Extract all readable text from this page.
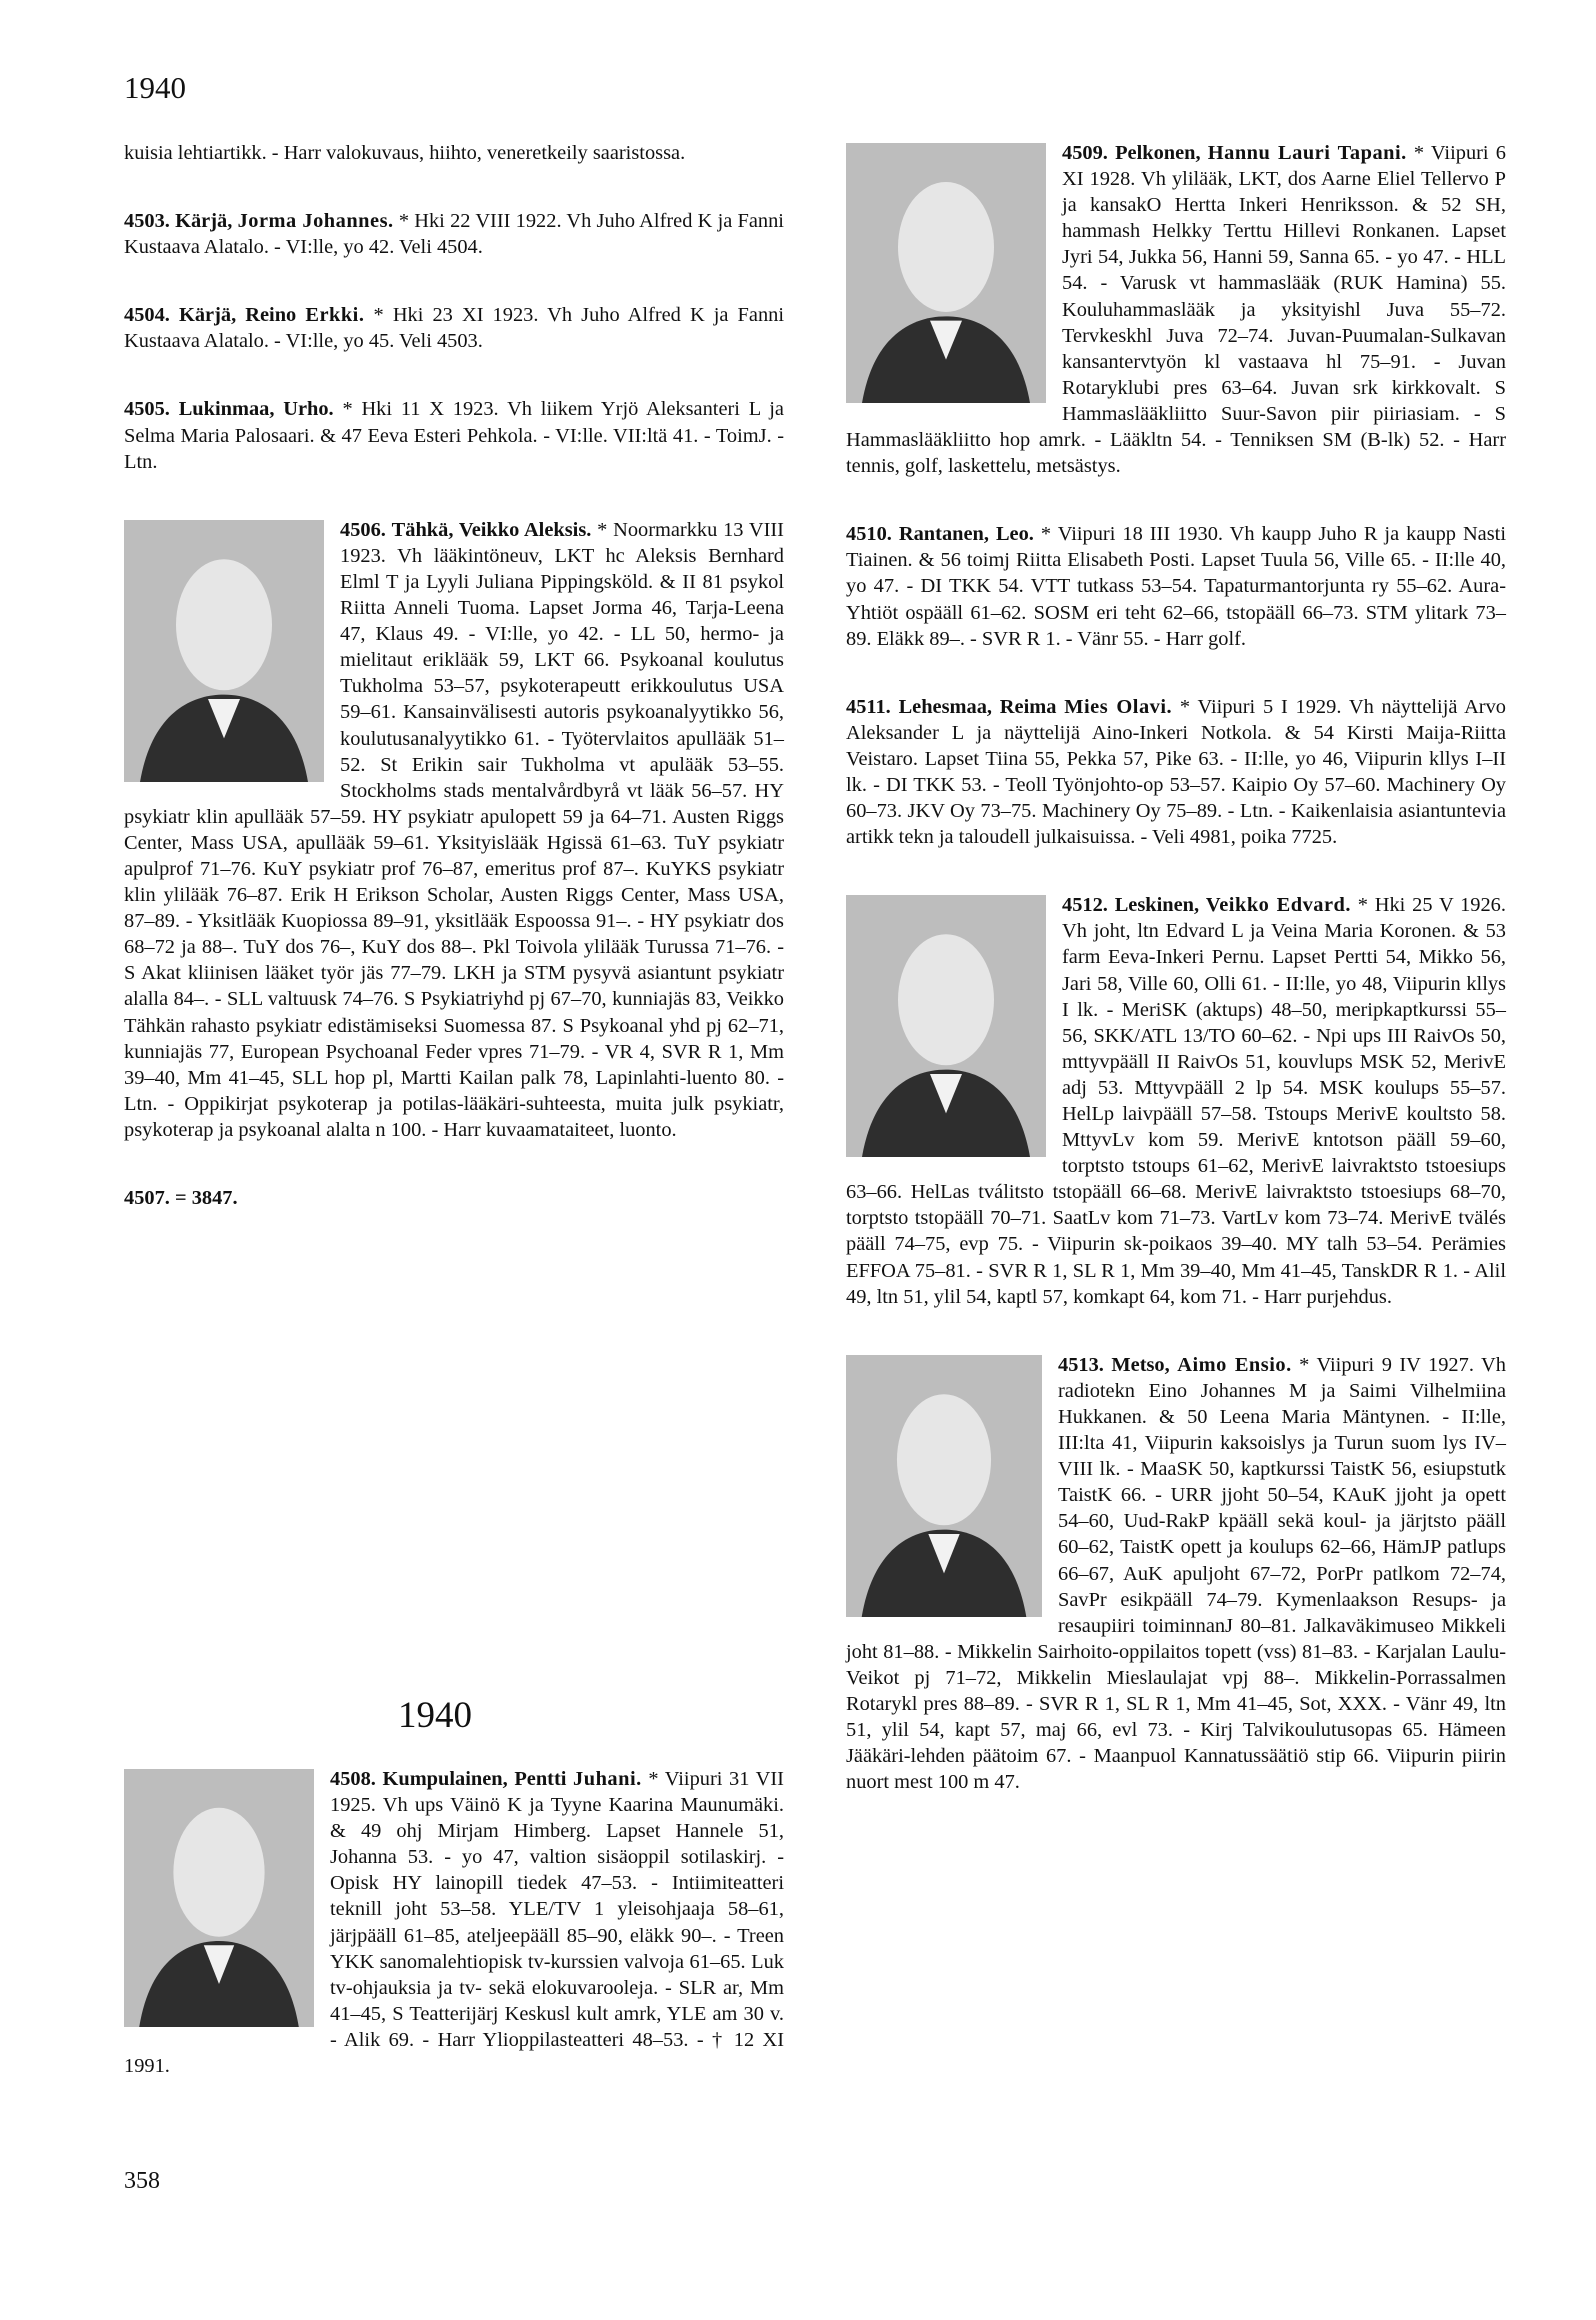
1940

kuisia lehtiartikk. - Harr valokuvaus, hiihto, veneretkeily saaristossa.

4503. Kärjä, Jorma Johannes. * Hki 22 VIII 1922. Vh Juho Alfred K ja Fanni Kustaava Alatalo. - VI:lle, yo 42. Veli 4504.

4504. Kärjä, Reino Erkki. * Hki 23 XI 1923. Vh Juho Alfred K ja Fanni Kustaava Alatalo. - VI:lle, yo 45. Veli 4503.

4505. Lukinmaa, Urho. * Hki 11 X 1923. Vh liikem Yrjö Aleksanteri L ja Selma Maria Palosaari. & 47 Eeva Esteri Pehkola. - VI:lle. VII:ltä 41. - ToimJ. - Ltn.

4506. Tähkä, Veikko Aleksis.
* Noormarkku 13 VIII 1923. Vh lääkintöneuv, LKT hc Aleksis Bernhard Elml T ja Lyyli Juliana Pippingsköld. & II 81 psykol Riitta Anneli Tuoma. Lapset Jorma 46, Tarja-Leena 47, Klaus 49. - VI:lle, yo 42. - LL 50, hermo- ja mielitaut eriklääk 59, LKT 66. Psykoanal koulutus Tukholma 53–57, psykoterapeutt erikkoulutus USA 59–61. Kansainvälisesti autoris psykoanalyytikko 56, koulutusanalyytikko 61. - Työtervlaitos apullääk 51–52. St Erikin sair Tukholma vt apulääk 53–55. Stockholms stads mentalvårdbyrå vt lääk 56–57. HY psykiatr klin apullääk 57–59. HY psykiatr apulopett 59 ja 64–71. Austen Riggs Center, Mass USA, apullääk 59–61. Yksityislääk Hgissä 61–63. TuY psykiatr apulprof 71–76. KuY psykiatr prof 76–87, emeritus prof 87–. KuYKS psykiatr klin ylilääk 76–87. Erik H Erikson Scholar, Austen Riggs Center, Mass USA, 87–89. - Yksitlääk Kuopiossa 89–91, yksitlääk Espoossa 91–. - HY psykiatr dos 68–72 ja 88–. TuY dos 76–, KuY dos 88–. Pkl Toivola ylilääk Turussa 71–76. - S Akat kliinisen lääket työr jäs 77–79. LKH ja STM pysyvä asiantunt psykiatr alalla 84–. - SLL valtuusk 74–76. S Psykiatriyhd pj 67–70, kunniajäs 83, Veikko Tähkän rahasto psykiatr edistämiseksi Suomessa 87. S Psykoanal yhd pj 62–71, kunniajäs 77, European Psychoanal Feder vpres 71–79. - VR 4, SVR R 1, Mm 39–40, Mm 41–45, SLL hop pl, Martti Kailan palk 78, Lapinlahti-luento 80. - Ltn. - Oppikirjat psykoterap ja potilas-lääkäri-suhteesta, muita julk psykiatr, psykoterap ja psykoanal alalta n 100. - Harr kuvaamataiteet, luonto.

4507. = 3847.

1940

4508. Kumpulainen, Pentti Juhani.
* Viipuri 31 VII 1925. Vh ups Väinö K ja Tyyne Kaarina Maunumäki. & 49 ohj Mirjam Himberg. Lapset Hannele 51, Johanna 53. - yo 47, valtion sisäoppil sotilaskirj. - Opisk HY lainopill tiedek 47–53. - Intiimiteatteri teknill joht 53–58. YLE/TV 1 yleisohjaaja 58–61, järjpääll 61–85, ateljeepääll 85–90, eläkk 90–. - Treen YKK sanomalehtiopisk tv-kurssien valvoja 61–65. Luk tv-ohjauksia ja tv- sekä elokuvarooleja. - SLR ar, Mm 41–45, S Teatterijärj Keskusl kult amrk, YLE am 30 v. - Alik 69. - Harr Ylioppilasteatteri 48–53. - † 12 XI 1991.

4509. Pelkonen, Hannu Lauri Tapani.
* Viipuri 6 XI 1928. Vh ylilääk, LKT, dos Aarne Eliel Tellervo P ja kansakO Hertta Inkeri Henriksson. & 52 SH, hammash Helkky Terttu Hillevi Ronkanen. Lapset Jyri 54, Jukka 56, Hanni 59, Sanna 65. - yo 47. - HLL 54. - Varusk vt hammaslääk (RUK Hamina) 55. Kouluhammaslääk ja yksityishl Juva 55–72. Tervkeskhl Juva 72–74. Juvan-Puumalan-Sulkavan kansantervtyön kl vastaava hl 75–91. - Juvan Rotaryklubi pres 63–64. Juvan srk kirkkovalt. S Hammaslääkliitto Suur-Savon piir piiriasiam. - S Hammaslääkliitto hop amrk. - Lääkltn 54. - Tenniksen SM (B-lk) 52. - Harr tennis, golf, laskettelu, metsästys.

4510. Rantanen, Leo. * Viipuri 18 III 1930. Vh kaupp Juho R ja kaupp Nasti Tiainen. & 56 toimj Riitta Elisabeth Posti. Lapset Tuula 56, Ville 65. - II:lle 40, yo 47. - DI TKK 54. VTT tutkass 53–54. Tapaturmantorjunta ry 55–62. Aura-Yhtiöt ospääll 61–62. SOSM eri teht 62–66, tstopääll 66–73. STM ylitark 73–89. Eläkk 89–. - SVR R 1. - Vänr 55. - Harr golf.

4511. Lehesmaa, Reima Mies Olavi. * Viipuri 5 I 1929. Vh näyttelijä Arvo Aleksander L ja näyttelijä Aino-Inkeri Notkola. & 54 Kirsti Maija-Riitta Veistaro. Lapset Tiina 55, Pekka 57, Pike 63. - II:lle, yo 46, Viipurin kllys I–II lk. - DI TKK 53. - Teoll Työnjohto-op 53–57. Kaipio Oy 57–60. Machinery Oy 60–73. JKV Oy 73–75. Machinery Oy 75–89. - Ltn. - Kaikenlaisia asiantuntevia artikk tekn ja taloudell julkaisuissa. - Veli 4981, poika 7725.

4512. Leskinen, Veikko Edvard.
* Hki 25 V 1926. Vh joht, ltn Edvard L ja Veina Maria Koronen. & 53 farm Eeva-Inkeri Pernu. Lapset Pertti 54, Mikko 56, Jari 58, Ville 60, Olli 61. - II:lle, yo 48, Viipurin kllys I lk. - MeriSK (aktups) 48–50, meripkaptkurssi 55–56, SKK/ATL 13/TO 60–62. - Npi ups III RaivOs 50, mttyvpääll II RaivOs 51, kouvlups MSK 52, MerivE adj 53. Mttyvpääll 2 lp 54. MSK koulups 55–57. HelLp laivpääll 57–58. Tstoups MerivE koultsto 58. MttyvLv kom 59. MerivE kntotson pääll 59–60, torptsto tstoups 61–62, MerivE laivraktsto tstoesiups 63–66. HelLas tválitsto tstopääll 66–68. MerivE laivraktsto tstoesiups 68–70, torptsto tstopääll 70–71. SaatLv kom 71–73. VartLv kom 73–74. MerivE tvälés pääll 74–75, evp 75. - Viipurin sk-poikaos 39–40. MY talh 53–54. Perämies EFFOA 75–81. - SVR R 1, SL R 1, Mm 39–40, Mm 41–45, TanskDR R 1. - Alil 49, ltn 51, ylil 54, kaptl 57, komkapt 64, kom 71. - Harr purjehdus.

4513. Metso, Aimo Ensio.
* Viipuri 9 IV 1927. Vh radiotekn Eino Johannes M ja Saimi Vilhelmiina Hukkanen. & 50 Leena Maria Mäntynen. - II:lle, III:lta 41, Viipurin kaksoislys ja Turun suom lys IV–VIII lk. - MaaSK 50, kaptkurssi TaistK 56, esiupstutk TaistK 66. - URR jjoht 50–54, KAuK jjoht ja opett 54–60, Uud-RakP kpääll sekä koul- ja järjtsto pääll 60–62, TaistK opett ja koulups 62–66, HämJP patlups 66–67, AuK apuljoht 67–72, PorPr patlkom 72–74, SavPr esikpääll 74–79. Kymenlaakson Resups- ja resaupiiri toiminnanJ 80–81. Jalkaväkimuseo Mikkeli joht 81–88. - Mikkelin Sairhoito-oppilaitos topett (vss) 81–83. - Karjalan Laulu-Veikot pj 71–72, Mikkelin Mieslaulajat vpj 88–. Mikkelin-Porrassalmen Rotarykl pres 88–89. - SVR R 1, SL R 1, Mm 41–45, Sot, XXX. - Vänr 49, ltn 51, ylil 54, kapt 57, maj 66, evl 73. - Kirj Talvikoulutusopas 65. Hämeen Jääkäri-lehden päätoim 67. - Maanpuol Kannatussäätiö stip 66. Viipurin piirin nuort mest 100 m 47.

358
